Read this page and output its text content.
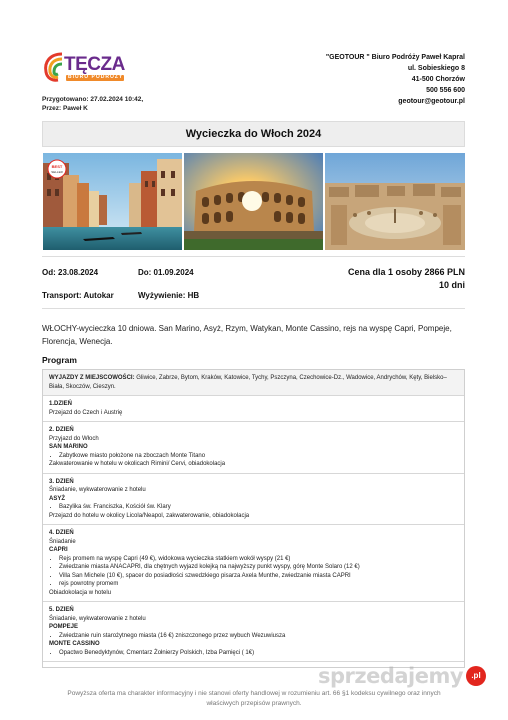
TĘCZA
BIURO PODRÓŻY
Przygotowano: 27.02.2024 10:42,
Przez: Paweł K
"GEOTOUR " Biuro Podróży Paweł Kapral
ul. Sobieskiego 8
41-500 Chorzów
500 556 600
geotour@geotour.pl
Wycieczka do Włoch 2024
BEST
SELLER
Od: 23.08.2024	Do: 01.09.2024	Cena dla 1 osoby 2866 PLN
10 dni
Transport: Autokar	Wyżywienie: HB
WŁOCHY-wycieczka 10 dniowa. San Marino, Asyż, Rzym, Watykan, Monte Cassino, rejs na wyspę Capri, Pompeje, Florencja, Wenecja.
Program
WYJAZDY Z MIEJSCOWOŚCI: Gliwice, Zabrze, Bytom, Kraków, Katowice, Tychy, Pszczyna, Czechowice-Dz., Wadowice, Andrychów, Kęty, Bielsko–Biała, Skoczów, Cieszyn.
1.DZIEŃ
Przejazd do Czech i Austrię
2. DZIEŃ
Przyjazd do Włoch
SAN MARINO
• Zabytkowe miasto położone na zboczach Monte Titano
Zakwaterowanie w hotelu w okolicach Rimini/ Cervi, obiadokolacja
3. DZIEŃ
Śniadanie, wykwaterowanie z hotelu
ASYŻ
• Bazylika św. Franciszka, Kościół św. Klary
Przejazd do hotelu w okolicy Licola/Neapol, zakwaterowanie, obiadokolacja
4. DZIEŃ
Śniadanie
CAPRI
• Rejs promem na wyspę Capri (49 €), widokowa wycieczka statkiem wokół wyspy (21 €)
• Zwiedzanie miasta ANACAPRI, dla chętnych wyjazd kolejką na najwyższy punkt wyspy, górę Monte Solaro (12 €)
• Villa San Michele (10 €), spacer do posiadłości szwedzkiego pisarza Axela Munthe, zwiedzanie miasta CAPRI
• rejs powrotny promem
Obiadokolacja w hotelu
5. DZIEŃ
Śniadanie, wykwaterowanie z hotelu
POMPEJE
• Zwiedzanie ruin starożytnego miasta (16 €) zniszczonego przez wybuch Wezuwiusza
MONTE CASSINO
• Opactwo Benedyktynów, Cmentarz Żołnierzy Polskich, Izba Pamięci ( 1€)
Powyższa oferta ma charakter informacyjny i nie stanowi oferty handlowej w rozumieniu art. 66 §1 kodeksu cywilnego oraz innych
właściwych przepisów prawnych.
sprzedajemy	.pl
